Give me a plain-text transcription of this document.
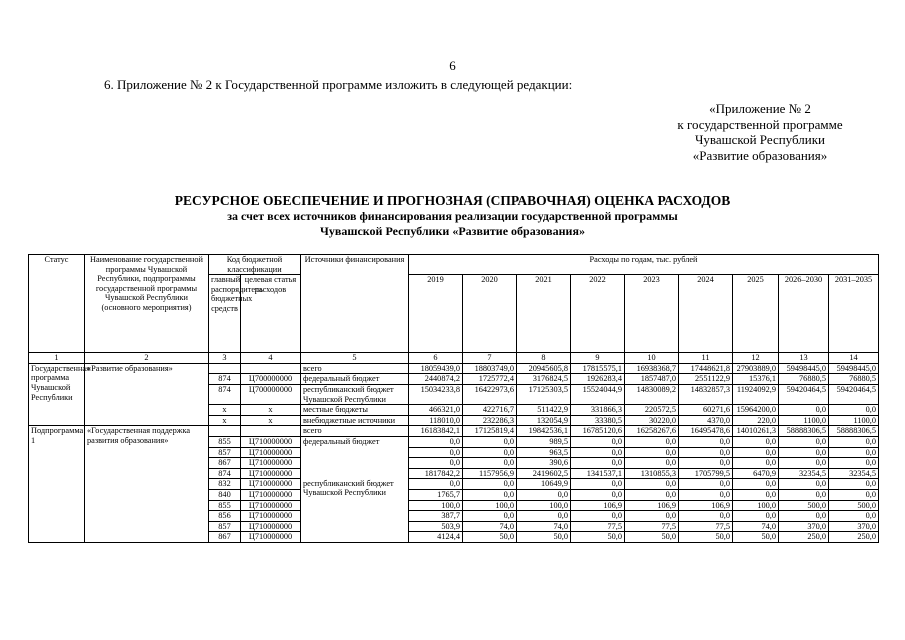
6
6. Приложение № 2 к Государственной программе изложить в следующей редакции:
«Приложение № 2
к государственной программе
Чувашской Республики
«Развитие образования»
РЕСУРСНОЕ ОБЕСПЕЧЕНИЕ И ПРОГНОЗНАЯ (СПРАВОЧНАЯ) ОЦЕНКА РАСХОДОВ
за счет всех источников финансирования реализации государственной программы
Чувашской Республики «Развитие образования»
Статус	Наименование государственной программы Чувашской Республики, подпрограммы государственной программы Чувашской Республики (основного мероприятия)	Код бюджетной классификации		Источники финансирования	Расходы по годам, тыс. рублей								
		главный распорядитель бюджетных средств	целевая статья расходов		2019	2020	2021	2022	2023	2024	2025	2026–2030	2031–2035
1	2	3	4	5	6	7	8	9	10	11	12	13	14
Государственная программа Чувашской Республики	«Развитие образования»			всего	18059439,0	18803749,0	20945605,8	17815575,1	16938368,7	17448621,8	27903889,0	59498445,0	59498445,0
		874	Ц700000000	федеральный бюджет	2440874,2	1725772,4	3176824,5	1926283,4	1857487,0	2551122,9	15376,1	76880,5	76880,5
		874	Ц700000000	республиканский бюджет Чувашской Республики	15034233,8	16422973,6	17125303,5	15524044,9	14830089,2	14832857,3	11924092,9	59420464,5	59420464,5
		x	x	местные бюджеты	466321,0	422716,7	511422,9	331866,3	220572,5	60271,6	15964200,0	0,0	0,0
		x	x	внебюджетные источники	118010,0	232286,3	132054,9	33380,5	30220,0	4370,0	220,0	1100,0	1100,0
Подпрограмма 1	«Государственная поддержка развития образования»			всего	16183842,1	17125819,4	19842536,1	16785120,6	16258267,6	16495478,6	14010261,3	58888306,5	58888306,5
		855	Ц710000000	федеральный бюджет	0,0	0,0	989,5	0,0	0,0	0,0	0,0	0,0	0,0
		857	Ц710000000		0,0	0,0	963,5	0,0	0,0	0,0	0,0	0,0	0,0
		867	Ц710000000		0,0	0,0	390,6	0,0	0,0	0,0	0,0	0,0	0,0
		874	Ц710000000		1817842,2	1157956,9	2419602,5	1341537,1	1310855,3	1705799,5	6470,9	32354,5	32354,5
		832	Ц710000000	республиканский бюджет Чувашской Республики	0,0	0,0	10649,9	0,0	0,0	0,0	0,0	0,0	0,0
		840	Ц710000000		1765,7	0,0	0,0	0,0	0,0	0,0	0,0	0,0	0,0
		855	Ц710000000		100,0	100,0	100,0	106,9	106,9	106,9	100,0	500,0	500,0
		856	Ц710000000		387,7	0,0	0,0	0,0	0,0	0,0	0,0	0,0	0,0
		857	Ц710000000		503,9	74,0	74,0	77,5	77,5	77,5	74,0	370,0	370,0
		867	Ц710000000		4124,4	50,0	50,0	50,0	50,0	50,0	50,0	250,0	250,0
